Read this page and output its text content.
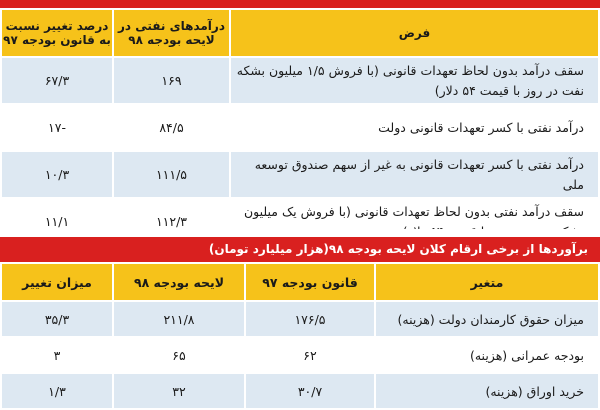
فرض	درآمدهای نفتی در لایحه بودجه ۹۸	درصد تغییر نسبت به قانون بودجه ۹۷
سقف درآمد بدون لحاظ تعهدات قانونی (با فروش ۱/۵ میلیون بشکه نفت در روز با قیمت ۵۴ دلار)	۱۶۹	۶۷/۳
درآمد نفتی با کسر تعهدات قانونی دولت	۸۴/۵	-۱۷
درآمد نفتی با کسر تعهدات قانونی به غیر از سهم صندوق توسعه ملی	۱۱۱/۵	۱۰/۳
سقف درآمد نفتی بدون لحاظ تعهدات قانونی (با فروش یک میلیون	۱۱۲/۳	۱۱/۱
برآوردها از برخی ارقام کلان لایحه بودجه ۹۸(هزار میلیارد تومان)
متغیر	قانون بودجه ۹۷	لایحه بودجه ۹۸	میزان تغییر
میزان حقوق کارمندان دولت (هزینه)	۱۷۶/۵	۲۱۱/۸	۳۵/۳
بودجه عمرانی (هزینه)	۶۲	۶۵	۳
خرید اوراق (هزینه)	۳۰/۷	۳۲	۱/۳
